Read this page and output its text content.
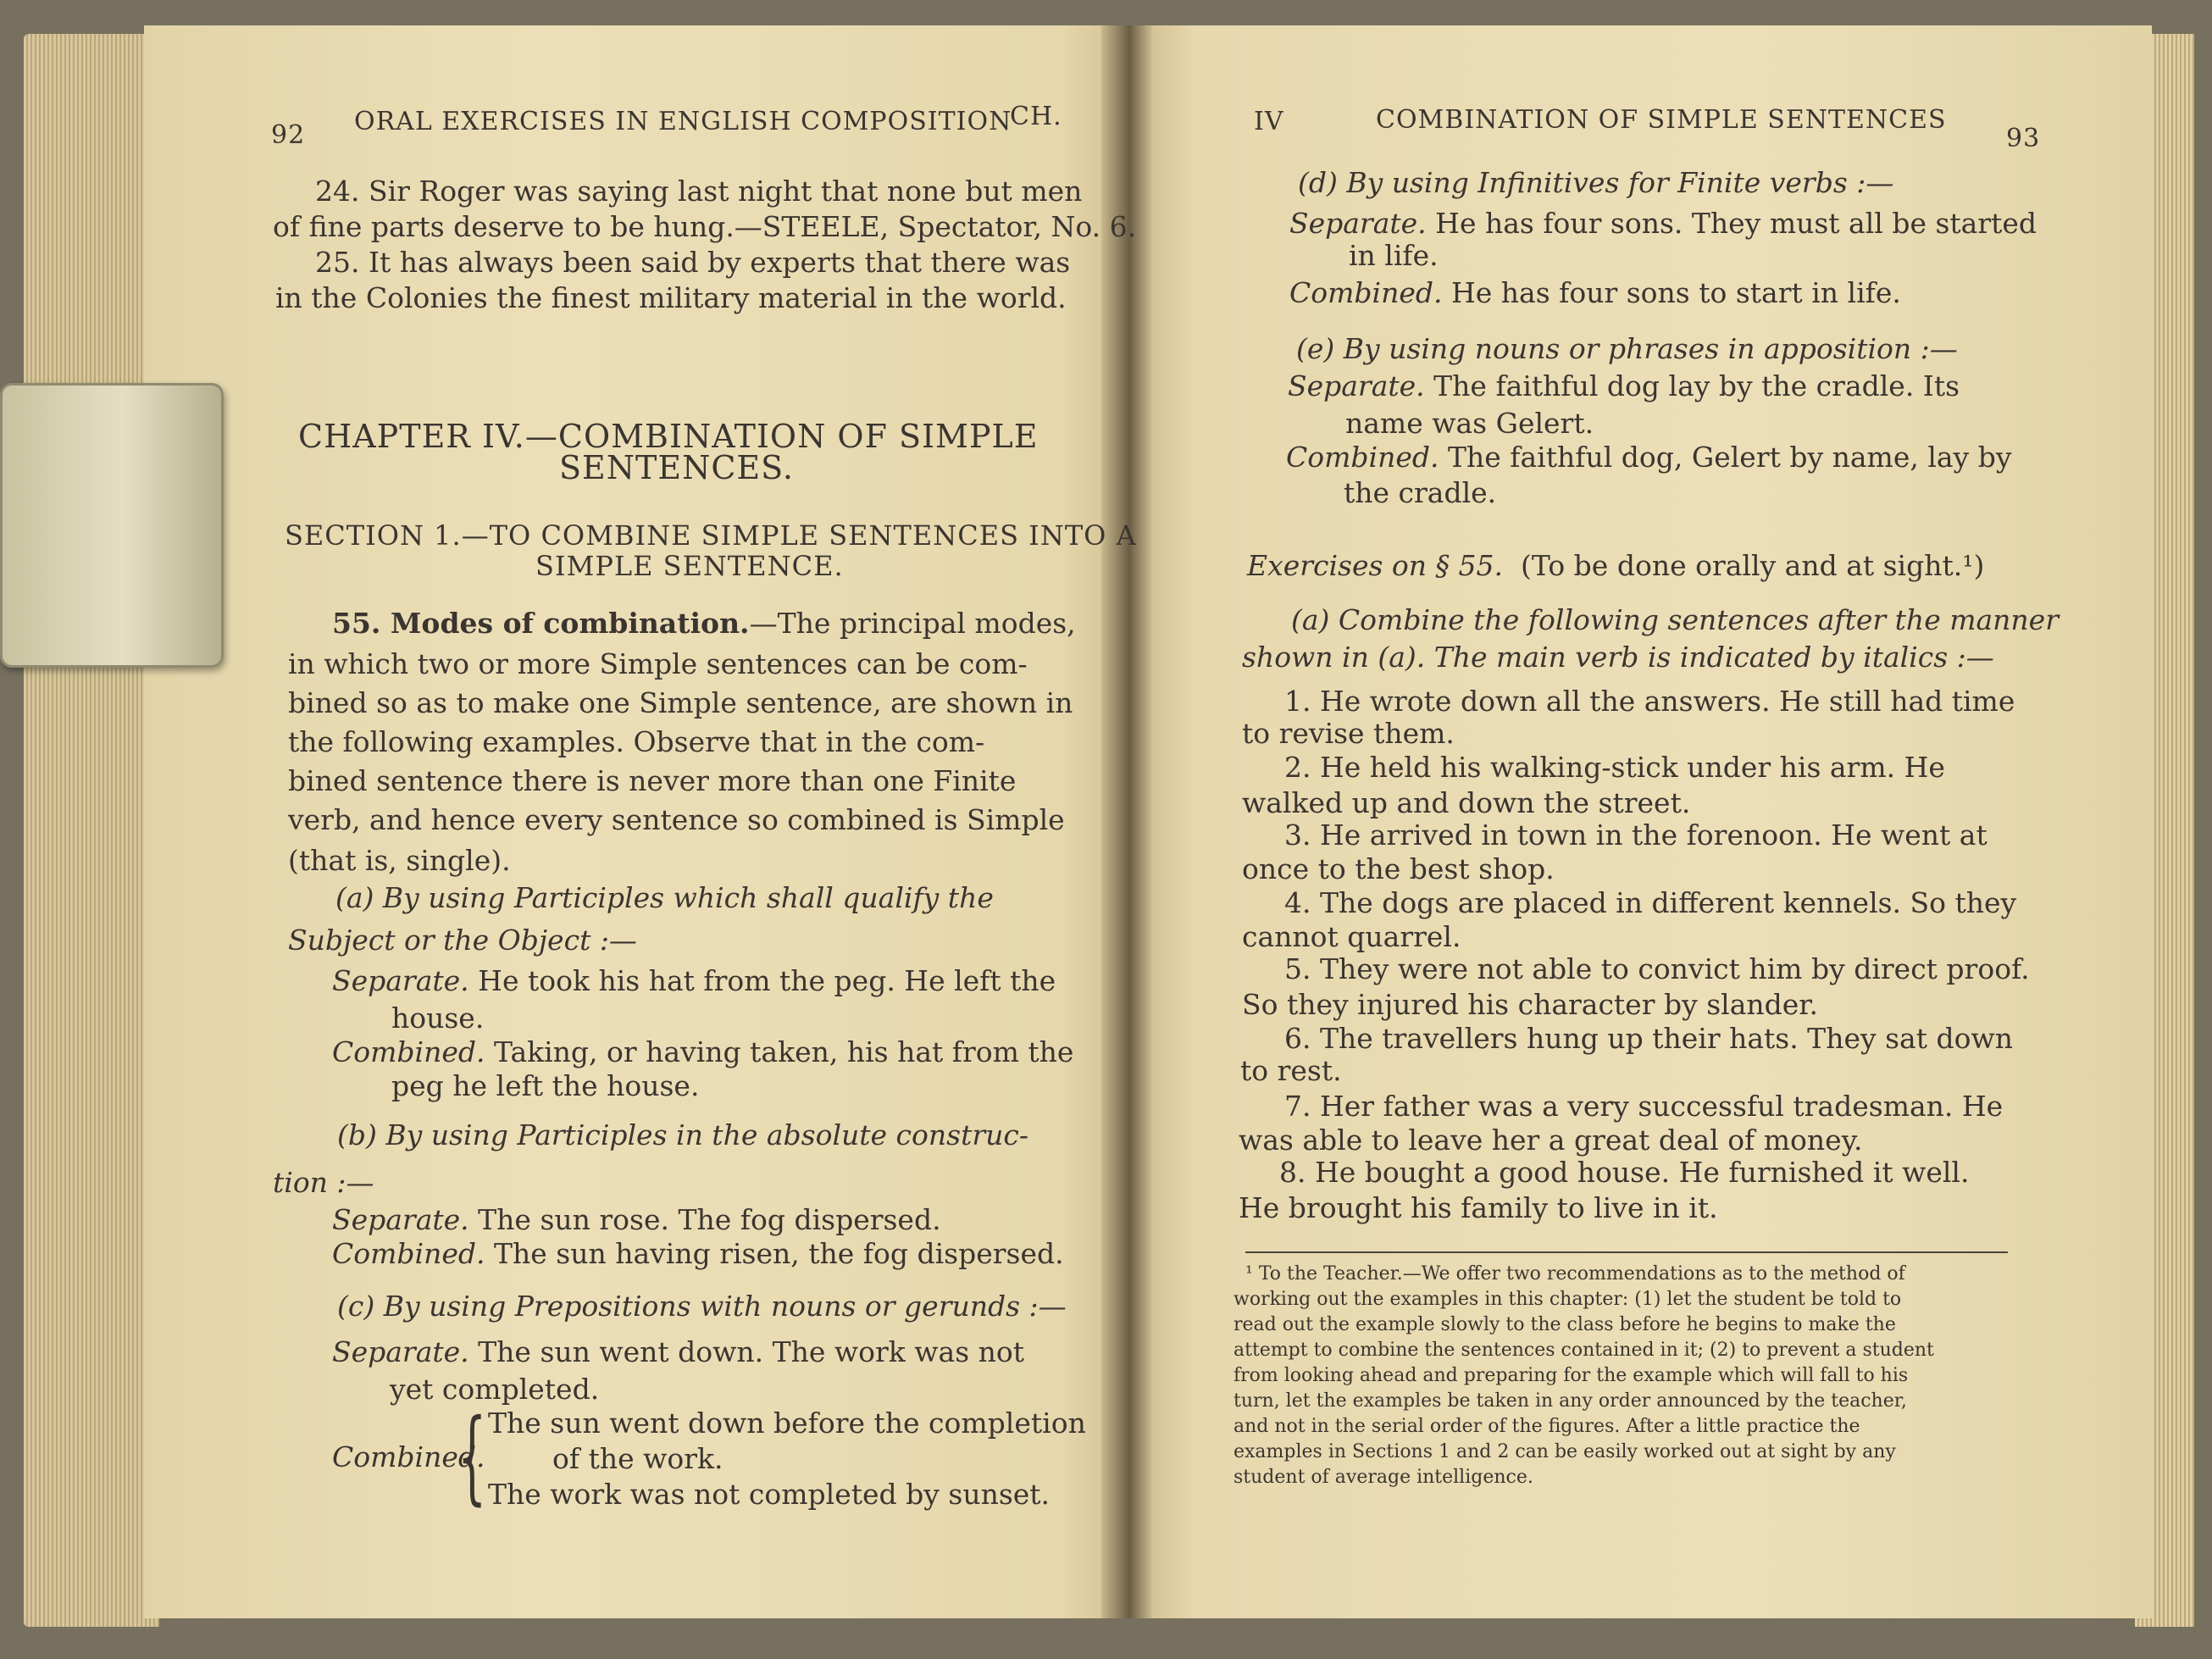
92 ORAL EXERCISES IN ENGLISH COMPOSITION
CH.
24. Sir Roger was saying last night that none but men
of fine parts deserve to be hung.—STEELE, Spectator, No. 6.
25. It has always been said by experts that there was
in the Colonies the finest military material in the world.
CHAPTER IV.—COMBINATION OF SIMPLE
SENTENCES.
SECTION 1.—TO COMBINE SIMPLE SENTENCES INTO A
SIMPLE SENTENCE.
55. Modes of combination.—The principal modes,
in which two or more Simple sentences can be com-
bined so as to make one Simple sentence, are shown in
the following examples. Observe that in the com-
bined sentence there is never more than one Finite
verb, and hence every sentence so combined is Simple
(that is, single).
(a) By using Participles which shall qualify the
Subject or the Object :—
Separate. He took his hat from the peg. He left the
house.
Combined. Taking, or having taken, his hat from the
peg he left the house.
(b) By using Participles in the absolute construc-
tion :—
Separate. The sun rose. The fog dispersed.
Combined. The sun having risen, the fog dispersed.
(c) By using Prepositions with nouns or gerunds :—
Separate. The sun went down. The work was not
yet completed.
Combined.
{ The sun went down before the completion
of the work.
The work was not completed by sunset.
IV	COMBINATION OF SIMPLE SENTENCES
93
(d) By using Infinitives for Finite verbs :—
Separate. He has four sons. They must all be started
in life.
Combined. He has four sons to start in life.
(e) By using nouns or phrases in apposition :—
Separate. The faithful dog lay by the cradle. Its
name was Gelert.
Combined. The faithful dog, Gelert by name, lay by
the cradle.
Exercises on § 55. (To be done orally and at sight.¹)
(a) Combine the following sentences after the manner
shown in (a). The main verb is indicated by italics :—
1. He wrote down all the answers. He still had time
to revise them.
2. He held his walking-stick under his arm. He
walked up and down the street.
3. He arrived in town in the forenoon. He went at
once to the best shop.
4. The dogs are placed in different kennels. So they
cannot quarrel.
5. They were not able to convict him by direct proof.
So they injured his character by slander.
6. The travellers hung up their hats. They sat down
to rest.
7. Her father was a very successful tradesman. He
was able to leave her a great deal of money.
8. He bought a good house. He furnished it well.
He brought his family to live in it.
¹ To the Teacher.—We offer two recommendations as to the method of
working out the examples in this chapter: (1) let the student be told to
read out the example slowly to the class before he begins to make the
attempt to combine the sentences contained in it; (2) to prevent a student
from looking ahead and preparing for the example which will fall to his
turn, let the examples be taken in any order announced by the teacher,
and not in the serial order of the figures. After a little practice the
examples in Sections 1 and 2 can be easily worked out at sight by any
student of average intelligence.
